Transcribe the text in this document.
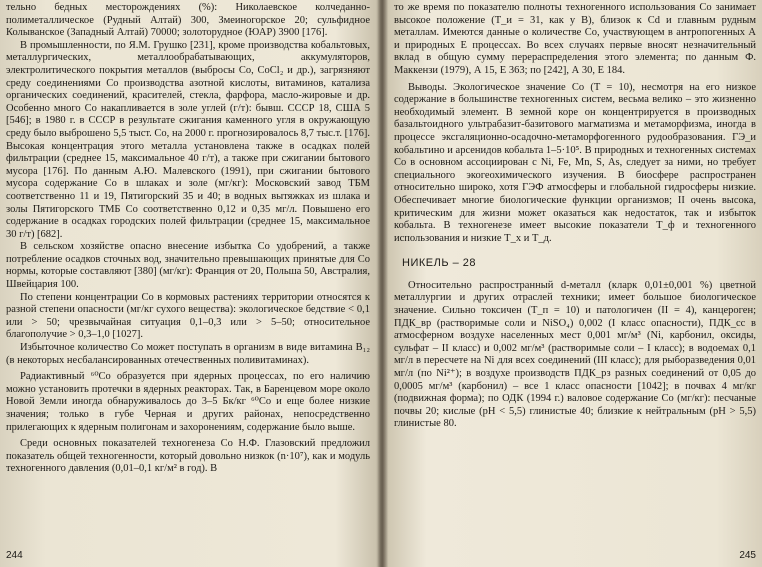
тельно бедных месторождениях (%): Николаевское колчеданно-полиметаллическое (Рудный Алтай) 300, Змеиногорское 20; сульфидное Колыванское (Западный Алтай) 70000; золоторудное (ЮАР) 3900 [176].

В промышленности, по Я.М. Грушко [231], кроме производства кобальтовых, металлургических, металлообрабатывающих, аккумуляторов, электролитического покрытия металлов (выбросы Co, CoCl₂ и др.), загрязняют среду соединениями Co производства азотной кислоты, витаминов, катализа органических соединений, красителей, стекла, фарфора, масло-жировые и др. Особенно много Co накапливается в золе углей (г/т): бывш. СССР 18, США 5 [546]; в 1980 г. в СССР в результате сжигания каменного угля в окружающую среду было выброшено 5,5 тыст. Co, на 2000 г. прогнозировалось 8,7 тыс.т. [176]. Высокая концентрация этого металла установлена также в осадках полей фильтрации (среднее 15, максимальное 40 г/т), а также при сжигании бытового мусора [176]. По данным А.Ю. Малевского (1991), при сжигании бытового мусора содержание Co в шлаках и золе (мг/кг): Московский завод ТБМ соответственно 11 и 19, Пятигорский 35 и 40; в водных вытяжках из шлака и золы Пятигорского ТМБ Co соответственно 0,12 и 0,35 мг/л. Повышено его содержание в осадках городских полей фильтрации (среднее 15, максимальное 30 г/т) [682].

В сельском хозяйстве опасно внесение избытка Co удобрений, а также потребление осадков сточных вод, значительно превышающих принятые для Co нормы, которые составляют [380] (мг/кг): Франция от 20, Польша 50, Австралия, Швейцария 100.

По степени концентрации Co в кормовых растениях территории относятся к разной степени опасности (мг/кг сухого вещества): экологическое бедствие < 0,1 или > 50; чрезвычайная ситуация 0,1–0,3 или > 5–50; относительное благополучие > 0,3–1,0 [1027].

Избыточное количество Co может поступать в организм в виде витамина B₁₂ (в некоторых несбалансированных отечественных поливитаминах).

Радиактивный ⁶⁰Co образуется при ядерных процессах, по его наличию можно установить протечки в ядерных реакторах. Так, в Баренцевом море около Новой Земли иногда обнаруживалось до 3–5 Бк/кг ⁶⁰Co и еще более низкие значения; только в губе Черная и других районах, непосредственно прилегающих к ядерным полигонам и захоронениям, содержание было выше.

Среди основных показателей техногенеза Co Н.Ф. Глазовский предложил показатель общей техногенности, который довольно низкок (n·10⁷), как и модуль техногенного давления (0,01–0,1 кг/м² в год). В

244

то же время по показателю полноты техногенного использования Co занимает высокое положение (T_и = 31, как у B), близок к Cd и главным рудным металлам. Имеются данные о количестве Co, участвующем в антропогенных А и природных Е процессах. Во всех случаях первые вносят незначительный вклад в общую сумму перераспределения этого элемента; по данным Ф. Маккензи (1979), А 15, Е 363; по [242], А 30, Е 184.

Выводы. Экологическое значение Co (T = 10), несмотря на его низкое содержание в большинстве техногенных систем, весьма велико – это жизненно необходимый элемент. В земной коре он концентрируется в производных базальтоидного ультрабазит-базитового магматизма и метаморфизма, иногда в процессе эксгаляционно-осадочно-метаморфогенного рудообразования. ГЭ_и кобальтино и арсенидов кобальта 1–5·10⁵. В природных и техногенных системах Co в основном ассоциирован с Ni, Fe, Mn, S, As, следует за ними, но требует специального экогеохимического изучения. В биосфере распространен относительно широко, хотя ГЭФ атмосферы и глобальной гидросферы низкие. Обеспечивает многие биологические функции организмов; II очень высока, критическим для жизни может оказаться как недостаток, так и избыток кобальта. В техногенезе имеет высокие показатели T_ф и техногенного использования и низкие T_х и T_д.

НИКЕЛЬ – 28

Относительно распространный d-металл (кларк 0,01±0,001 %) цветной металлургии и других отраслей техники; имеет большое биологическое значение. Сильно токсичен (T_п = 10) и патологичен (II = 4), канцероген; ПДК_вр (растворимые соли и NiSO₄) 0,002 (I класс опасности), ПДК_сс в атмосферном воздухе населенных мест 0,001 мг/м³ (Ni, карбонил, оксиды, сульфат – II класс) и 0,002 мг/м³ (растворимые соли – I класс); в водоемах 0,1 мг/л в пересчете на Ni для всех соединений (III класс); для рыборазведения 0,01 мг/л (по Ni²⁺); в воздухе производств ПДК_рз разных соединений от 0,05 до 0,0005 мг/м³ (карбонил) – все 1 класс опасности [1042]; в почвах 4 мг/кг (подвижная форма); по ОДК (1994 г.) валовое содержание Co (мг/кг): песчаные почвы 20; кислые (pH < 5,5) глинистые 40; близкие к нейтральным (pH > 5,5) глинистые 80.

245
